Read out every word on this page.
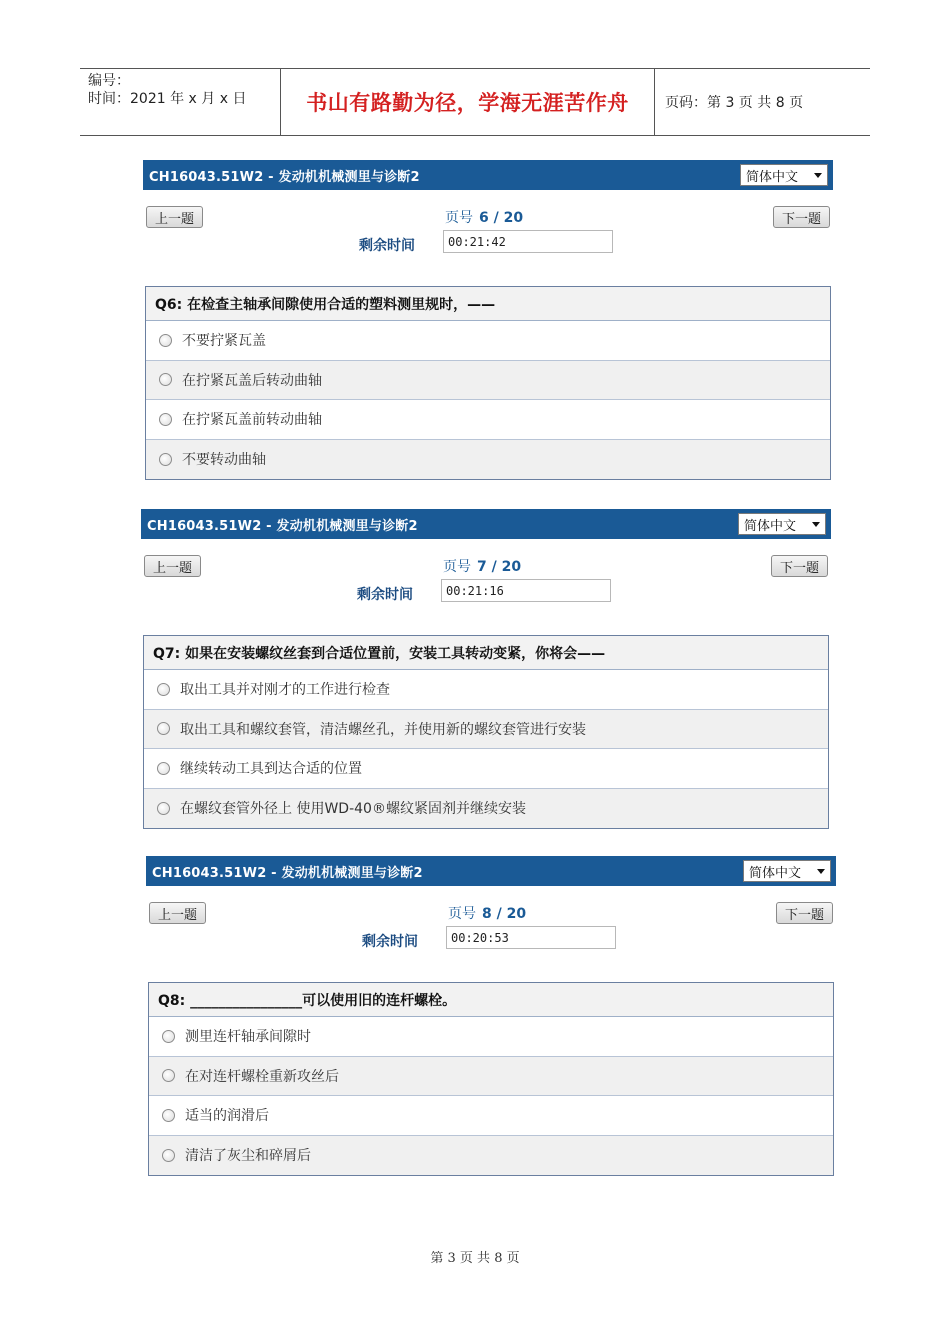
编号：
时间：2021 年 x 月 x 日	书山有路勤为径，学海无涯苦作舟	页码：第 3 页 共 8 页
CH16043.51W2 - 发动机机械测里与诊断2	简体中文
上一题	页号 6 / 20	下一题
剩余时间	00:21:42
Q6: 在检查主轴承间隙使用合适的塑料测里规时，——
不要拧紧瓦盖
在拧紧瓦盖后转动曲轴
在拧紧瓦盖前转动曲轴
不要转动曲轴
CH16043.51W2 - 发动机机械测里与诊断2	简体中文
上一题	页号 7 / 20	下一题
剩余时间	00:21:16
Q7: 如果在安装螺纹丝套到合适位置前，安装工具转动变紧，你将会——
取出工具并对刚才的工作进行检查
取出工具和螺纹套管，清洁螺丝孔，并使用新的螺纹套管进行安装
继续转动工具到达合适的位置
在螺纹套管外径上 使用WD-40®螺纹紧固剂并继续安装
CH16043.51W2 - 发动机机械测里与诊断2	简体中文
上一题	页号 8 / 20	下一题
剩余时间	00:20:53
Q8: ________________可以使用旧的连杆螺栓。
测里连杆轴承间隙时
在对连杆螺栓重新攻丝后
适当的润滑后
清洁了灰尘和碎屑后
第 3 页 共 8 页
